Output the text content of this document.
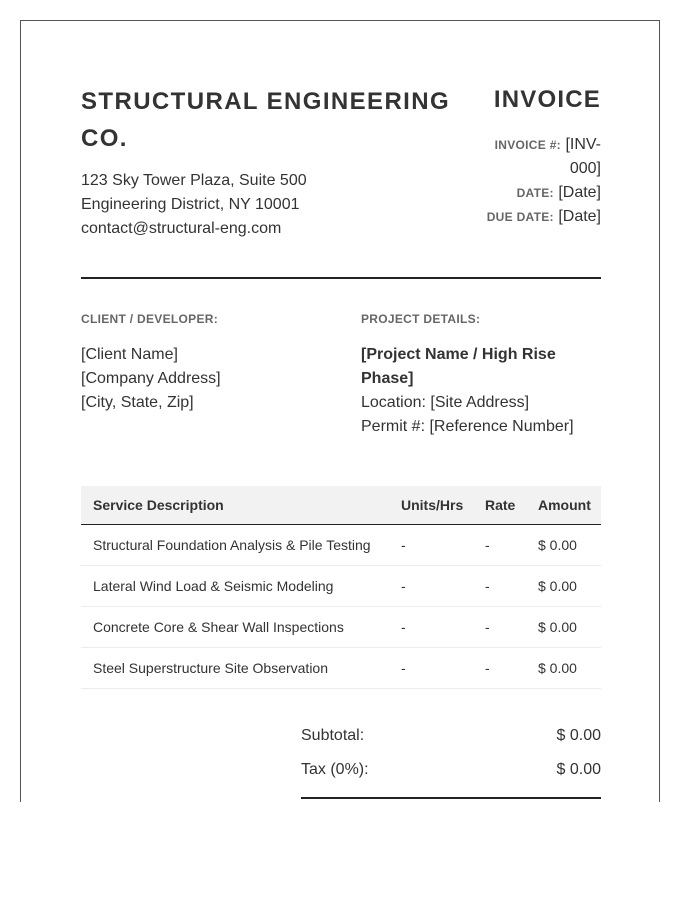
STRUCTURAL ENGINEERING CO.
123 Sky Tower Plaza, Suite 500
Engineering District, NY 10001
contact@structural-eng.com
INVOICE
INVOICE #: [INV-000]
DATE: [Date]
DUE DATE: [Date]
CLIENT / DEVELOPER:	PROJECT DETAILS:
[Client Name]
[Company Address]
[City, State, Zip]
[Project Name / High Rise Phase]
Location: [Site Address]
Permit #: [Reference Number]
Service Description	Units/Hrs	Rate	Amount
Structural Foundation Analysis & Pile Testing	-	-	$ 0.00
Lateral Wind Load & Seismic Modeling	-	-	$ 0.00
Concrete Core & Shear Wall Inspections	-	-	$ 0.00
Steel Superstructure Site Observation	-	-	$ 0.00
Subtotal:	$ 0.00
Tax (0%):	$ 0.00
